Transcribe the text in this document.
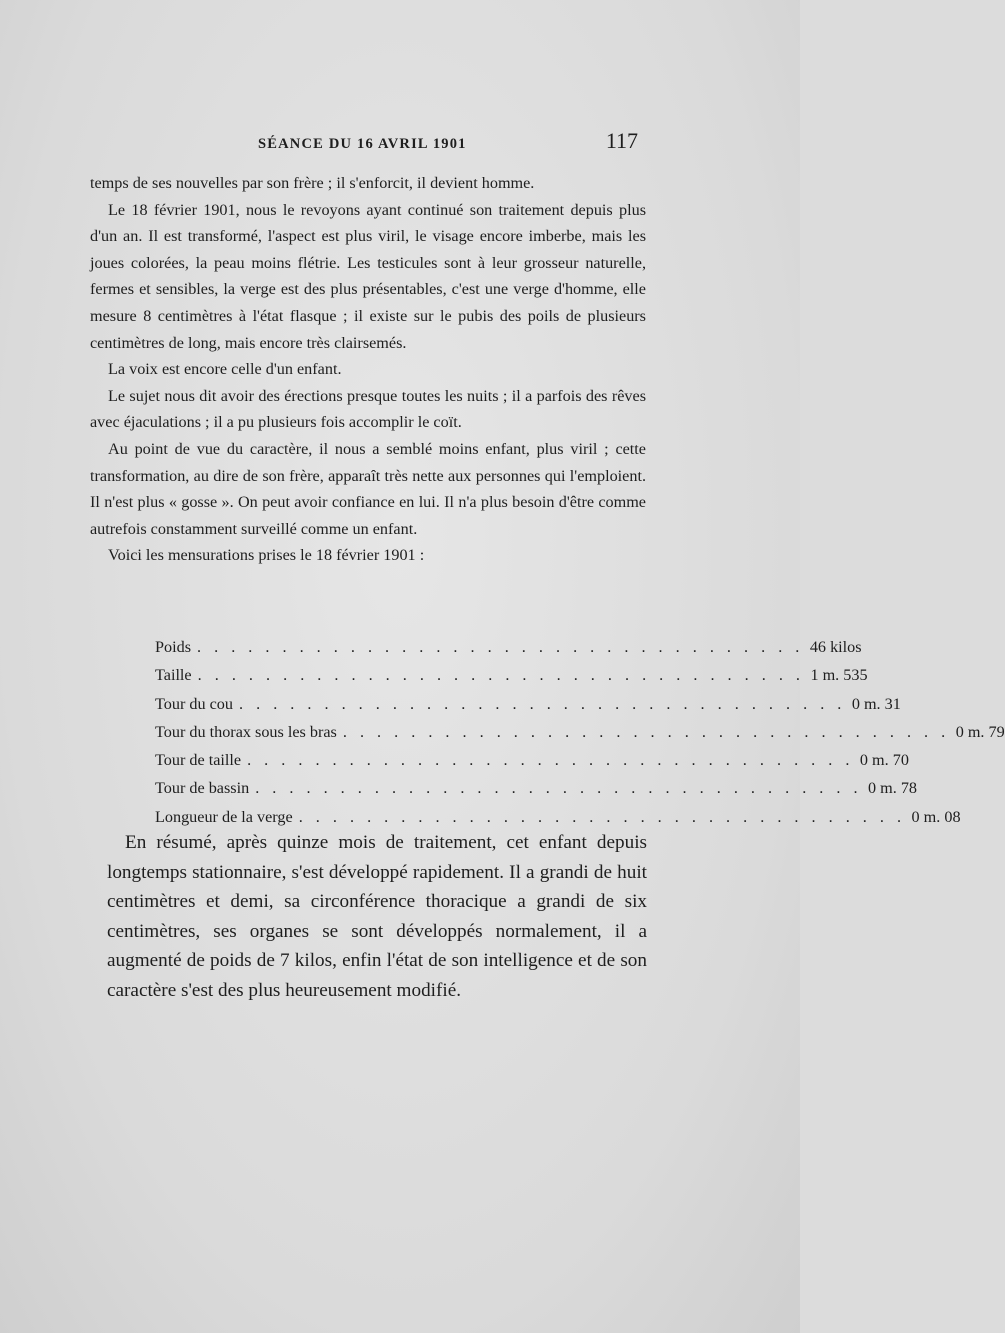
SÉANCE DU 16 AVRIL 1901	117

temps de ses nouvelles par son frère ; il s'enforcit, il devient homme.

Le 18 février 1901, nous le revoyons ayant continué son traitement depuis plus d'un an. Il est transformé, l'aspect est plus viril, le visage encore imberbe, mais les joues colorées, la peau moins flétrie. Les testicules sont à leur grosseur naturelle, fermes et sensibles, la verge est des plus présentables, c'est une verge d'homme, elle mesure 8 centimètres à l'état flasque ; il existe sur le pubis des poils de plusieurs centimètres de long, mais encore très clairsemés.

La voix est encore celle d'un enfant.

Le sujet nous dit avoir des érections presque toutes les nuits ; il a parfois des rêves avec éjaculations ; il a pu plusieurs fois accomplir le coït.

Au point de vue du caractère, il nous a semblé moins enfant, plus viril ; cette transformation, au dire de son frère, apparaît très nette aux personnes qui l'emploient. Il n'est plus « gosse ». On peut avoir confiance en lui. Il n'a plus besoin d'être comme autrefois constamment surveillé comme un enfant.

Voici les mensurations prises le 18 février 1901 :

Poids . . . . . . . . . . . . . . . . . . . . . . . . . . . . . . . . . . . . 46 kilos
Taille . . . . . . . . . . . . . . . . . . . . . . . . . . . . . . . . . . . . 1 m. 535
Tour du cou . . . . . . . . . . . . . . . . . . . . . . . . . . . . . . . . . . . . 0 m. 31
Tour du thorax sous les bras . . . . . . . . . . . . . . . . . . . . . . . . . . . . . . . . . . . . 0 m. 79
Tour de taille . . . . . . . . . . . . . . . . . . . . . . . . . . . . . . . . . . . . 0 m. 70
Tour de bassin . . . . . . . . . . . . . . . . . . . . . . . . . . . . . . . . . . . . 0 m. 78
Longueur de la verge . . . . . . . . . . . . . . . . . . . . . . . . . . . . . . . . . . . . 0 m. 08

En résumé, après quinze mois de traitement, cet enfant depuis longtemps stationnaire, s'est développé rapidement. Il a grandi de huit centimètres et demi, sa circonférence thoracique a grandi de six centimètres, ses organes se sont développés normalement, il a augmenté de poids de 7 kilos, enfin l'état de son intelligence et de son caractère s'est des plus heureusement modifié.
